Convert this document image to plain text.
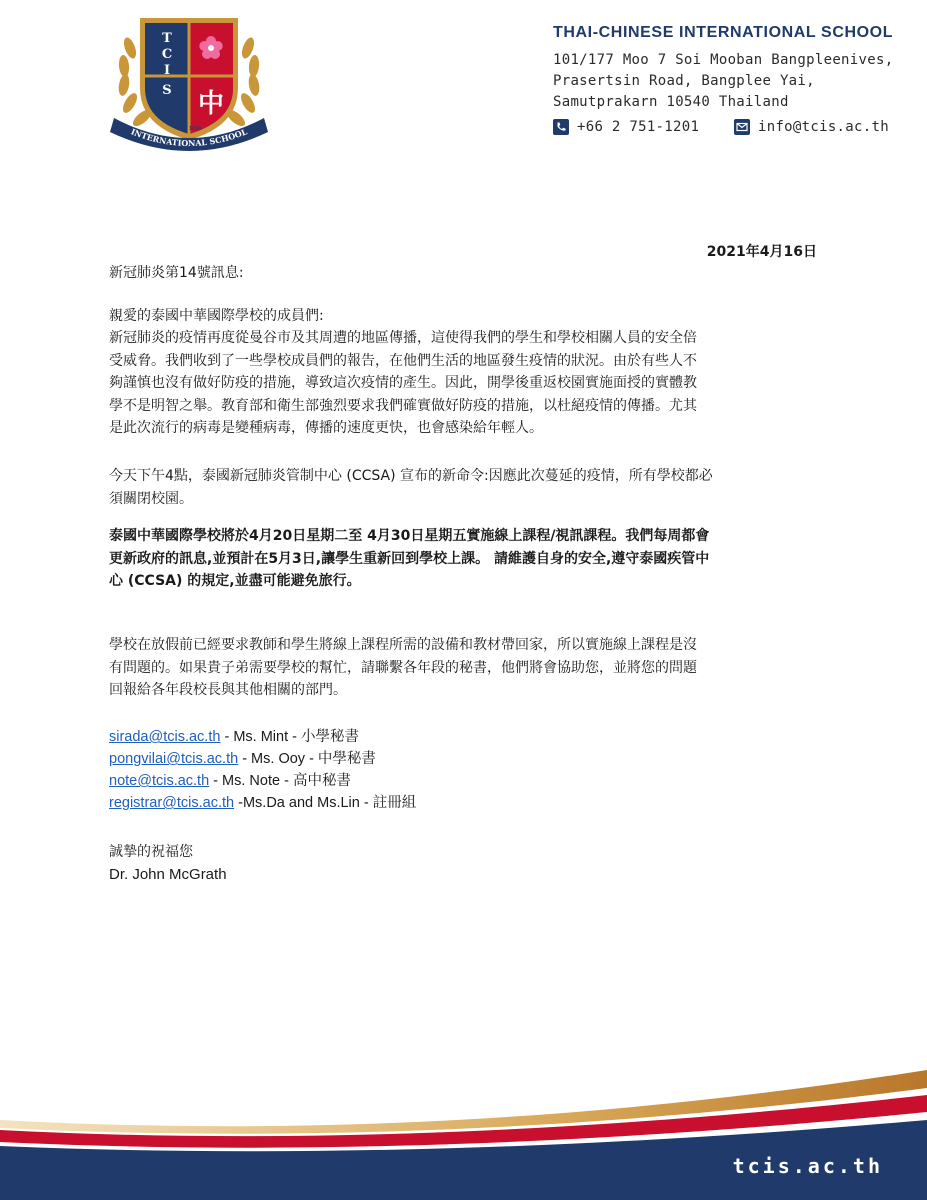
T
C
I
S 中
INTERNATIONAL SCHOOL
EST. 1998
THAI-CHINESE INTERNATIONAL SCHOOL
101/177 Moo 7 Soi Mooban Bangpleenives,
Prasertsin Road, Bangplee Yai,
Samutprakarn 10540 Thailand
+66 2 751-1201	info@tcis.ac.th
2021年4月16日
新冠肺炎第14號訊息:
親愛的泰國中華國際學校的成員們:
新冠肺炎的疫情再度從曼谷市及其周遭的地區傳播，這使得我們的學生和學校相關人員的安全倍
受威脅。我們收到了一些學校成員們的報告，在他們生活的地區發生疫情的狀況。由於有些人不
夠謹慎也沒有做好防疫的措施，導致這次疫情的產生。因此，開學後重返校園實施面授的實體教
學不是明智之舉。教育部和衛生部強烈要求我們確實做好防疫的措施，以杜絕疫情的傳播。尤其
是此次流行的病毒是變種病毒，傳播的速度更快，也會感染給年輕人。
今天下午4點，泰國新冠肺炎管制中心 (CCSA) 宣布的新命令:因應此次蔓延的疫情，所有學校都必
須關閉校園。
泰國中華國際學校將於4月20日星期二至 4月30日星期五實施線上課程/視訊課程。我們每周都會
更新政府的訊息,並預計在5月3日,讓學生重新回到學校上課。 請維護自身的安全,遵守泰國疾管中
心 (CCSA) 的規定,並盡可能避免旅行。
學校在放假前已經要求教師和學生將線上課程所需的設備和教材帶回家，所以實施線上課程是沒
有問題的。如果貴子弟需要學校的幫忙，請聯繫各年段的秘書，他們將會協助您，並將您的問題
回報給各年段校長與其他相關的部門。
sirada@tcis.ac.th - Ms. Mint - 小學秘書
pongvilai@tcis.ac.th - Ms. Ooy - 中學秘書
note@tcis.ac.th - Ms. Note - 高中秘書
registrar@tcis.ac.th -Ms.Da and Ms.Lin - 註冊組
誠摯的祝福您
Dr. John McGrath
tcis.ac.th
